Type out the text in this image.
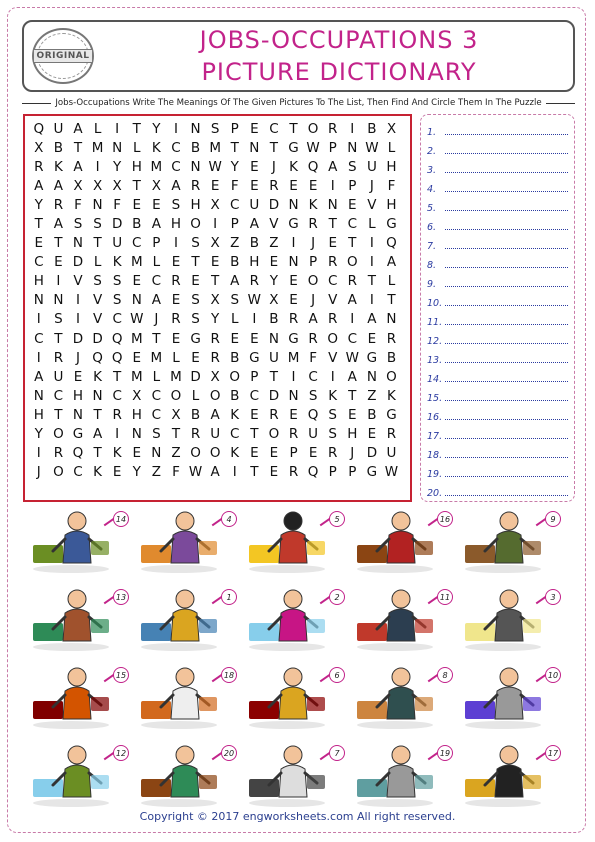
ORIGINAL
JOBS-OCCUPATIONS 3
PICTURE DICTIONARY
Jobs-Occupations Write The Meanings Of The Given Pictures To The List, Then Find And Circle Them In The Puzzle
Q U A L	I T Y I N S P E C T O R I B X
X B T M N L K C B M T N T G W P N W L
R K A I Y H M C N W Y E J K Q A S U H
A A X X X T X A R E F E R E E I	P	J	F
Y R F N F E E S H X C U D N K N E V H
T A S S D B A H O I	P A V G R T C L G
E T N T U C P	I S X Z B Z I	J E T I Q
C E D L K M L E T E B H E N P R O I A
H I V S S E C R E T A R Y E O C R T L
N N I V S N A E S X S W X E J V A I T
I S I V C W J R S Y L	I B R A R I A N
C T D D Q M T E G R E E N G R O C E R
I R J Q Q E M L E R B G U M F V W G B
A U E K T M L M D X O P T I C I A N O
N C H N C X C O L O B C D N S K T Z K
H T N T R H C X B A K E R E Q S E B G
Y O G A I N S T R U C T O R U S H E R
I R Q T K E N Z O O K E E P E R J D U
J O C K E Y Z F W A I T E R Q P P G W
1.
2.
3.
4.
5.
6.
7.
8.
9.
10.
11.
12.
13.
14.
15.
16.
17.
18.
19.
20.
14	4	5	16	9
13	1	2	11	3
15	18	6	8	10
12	20	7	19	17
Copyright © 2017 engworksheets.com All right reserved.
